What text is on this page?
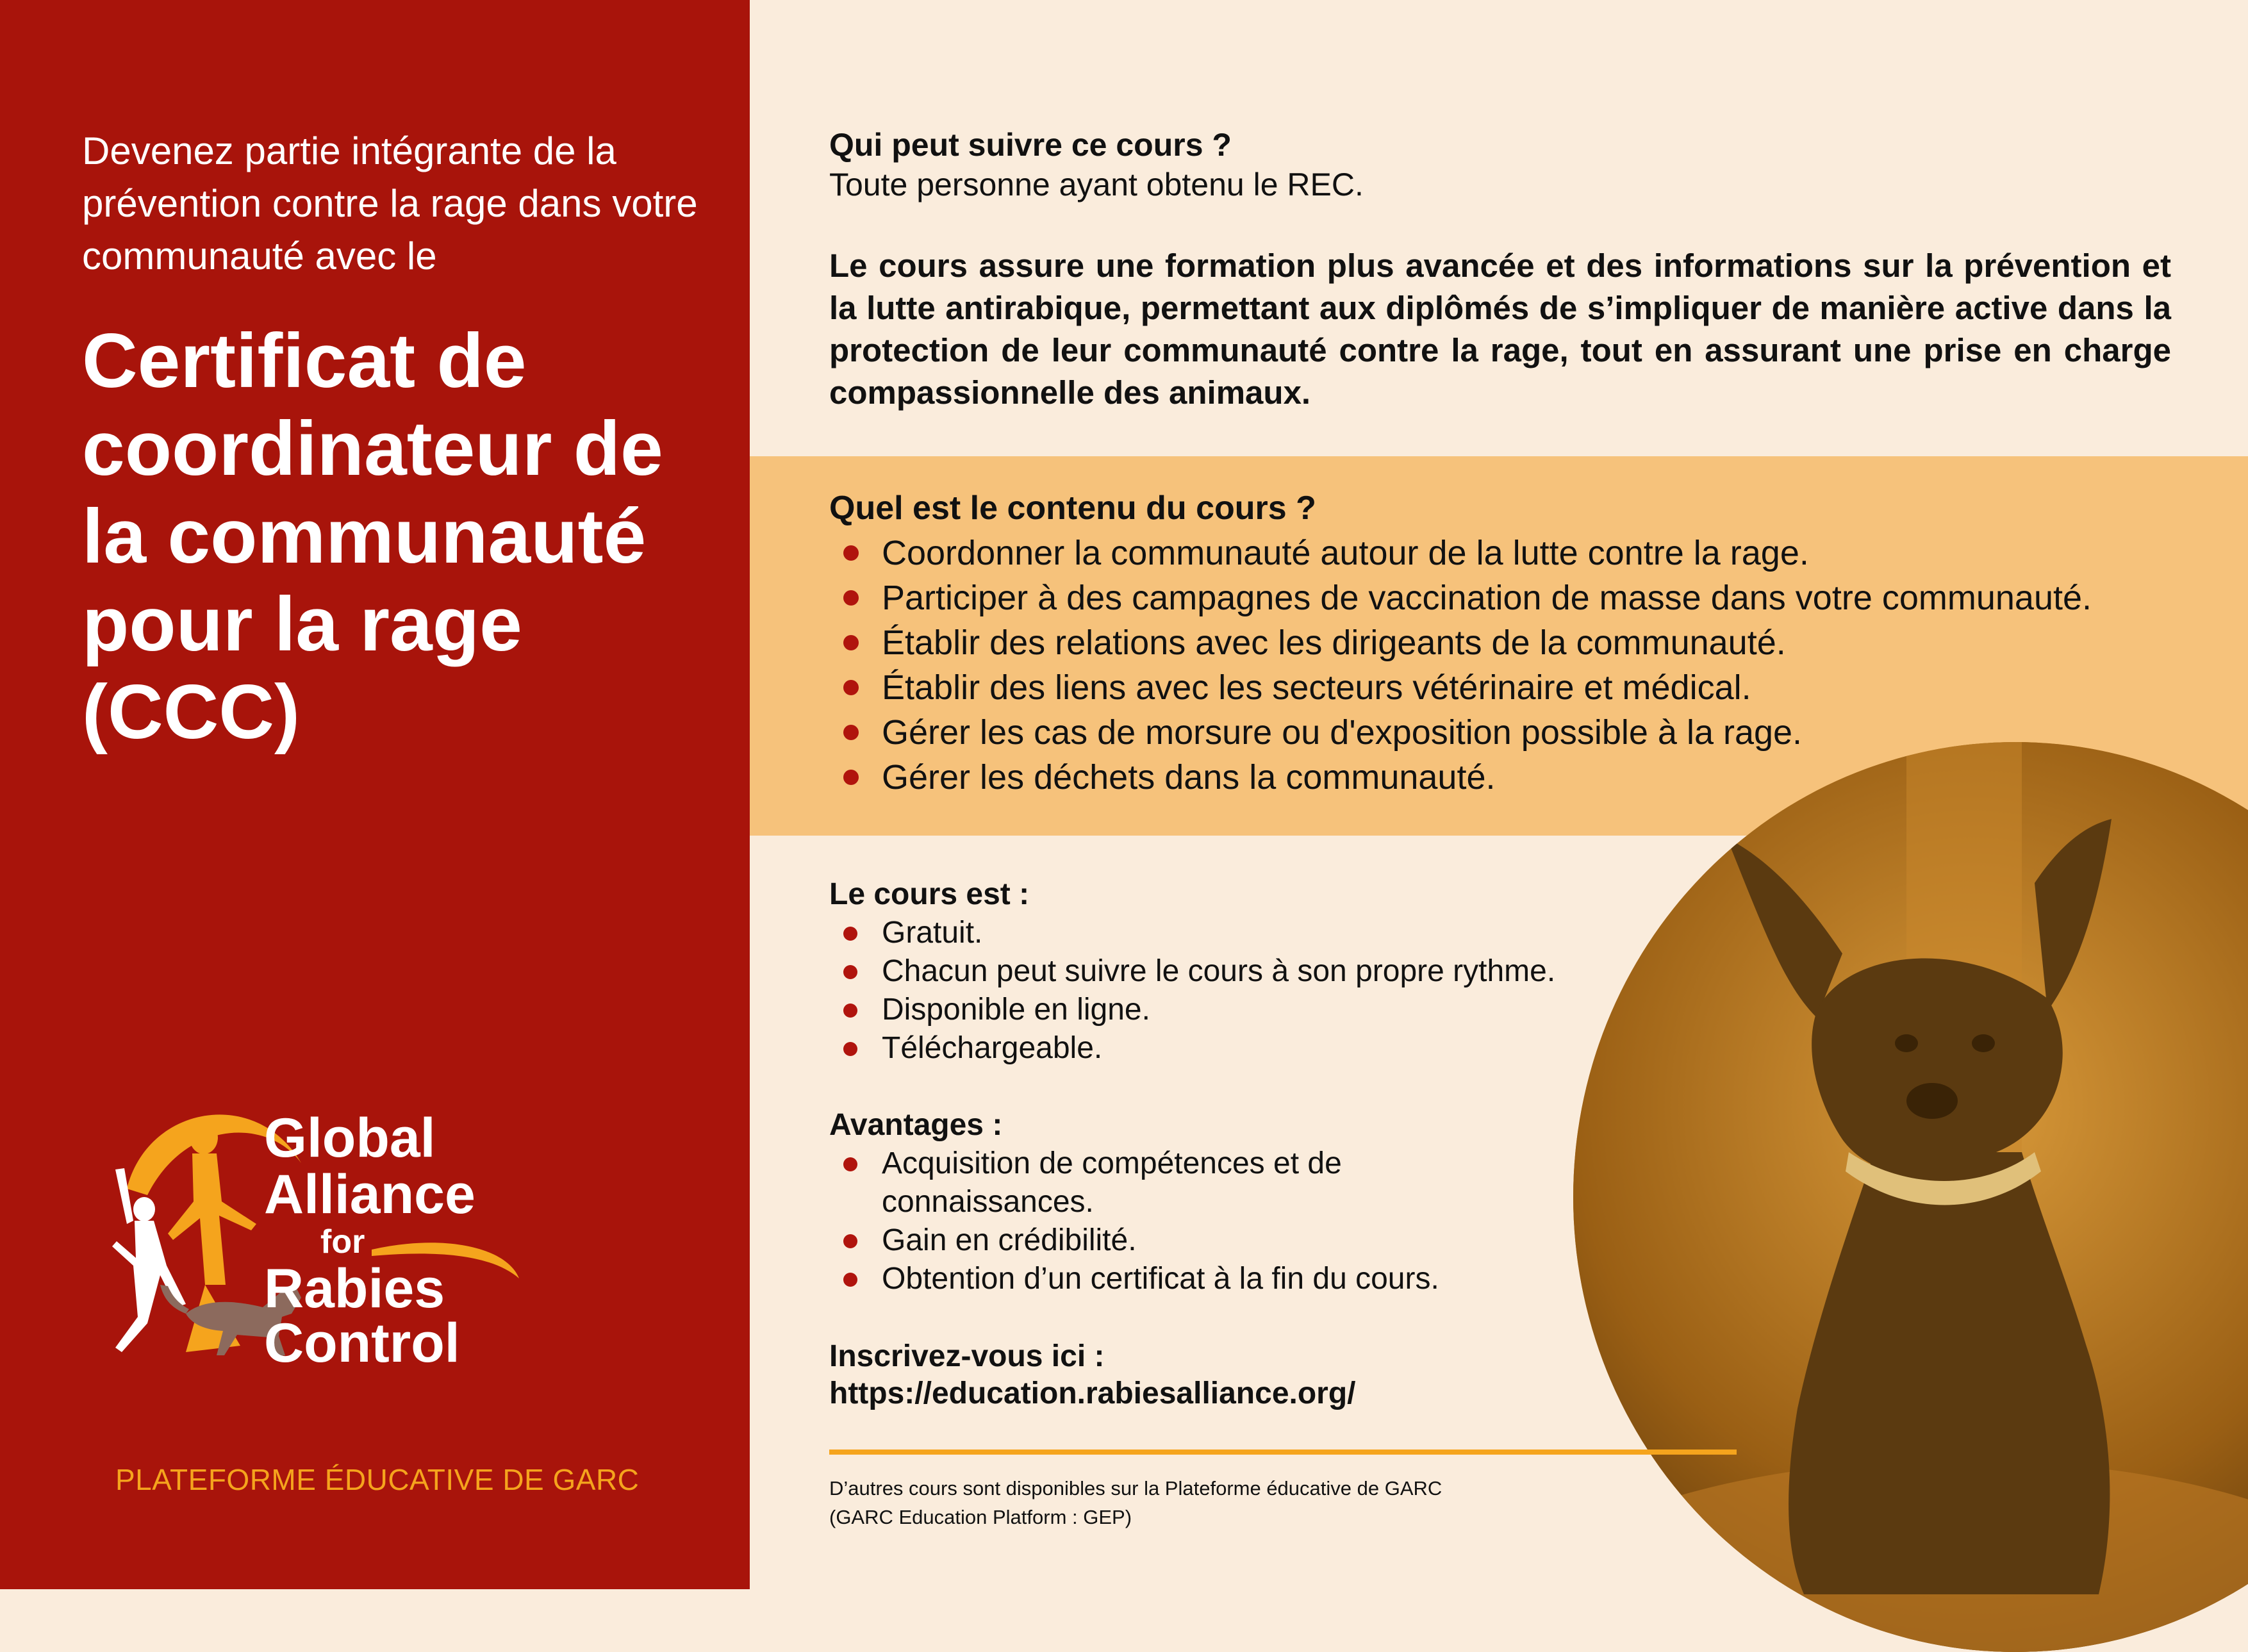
Devenez partie intégrante de la prévention contre la rage dans votre communauté avec le
Certificat de coordinateur de la communauté pour la rage (CCC)
Global
Alliance
for
Rabies
Control
PLATEFORME ÉDUCATIVE DE GARC
Qui peut suivre ce cours ?
Toute personne ayant obtenu le REC.
Le cours assure une formation plus avancée et des informations sur la prévention et la lutte antirabique, permettant aux diplômés de s’impliquer de manière active dans la protection de leur communauté contre la rage, tout en assurant une prise en charge compassionnelle des animaux.
Quel est le contenu du cours ?
Coordonner la communauté autour de la lutte contre la rage.
Participer à des campagnes de vaccination de masse dans votre communauté.
Établir des relations avec les dirigeants de la communauté.
Établir des liens avec les secteurs vétérinaire et médical.
Gérer les cas de morsure ou d'exposition possible à la rage.
Gérer les déchets dans la communauté.
Le cours est :
Gratuit.
Chacun peut suivre le cours à son propre rythme.
Disponible en ligne.
Téléchargeable.
Avantages :
Acquisition de compétences et de connaissances.
Gain en crédibilité.
Obtention d’un certificat à la fin du cours.
Inscrivez-vous ici :
https://education.rabiesalliance.org/
D’autres cours sont disponibles sur la Plateforme éducative de GARC
(GARC Education Platform : GEP)
